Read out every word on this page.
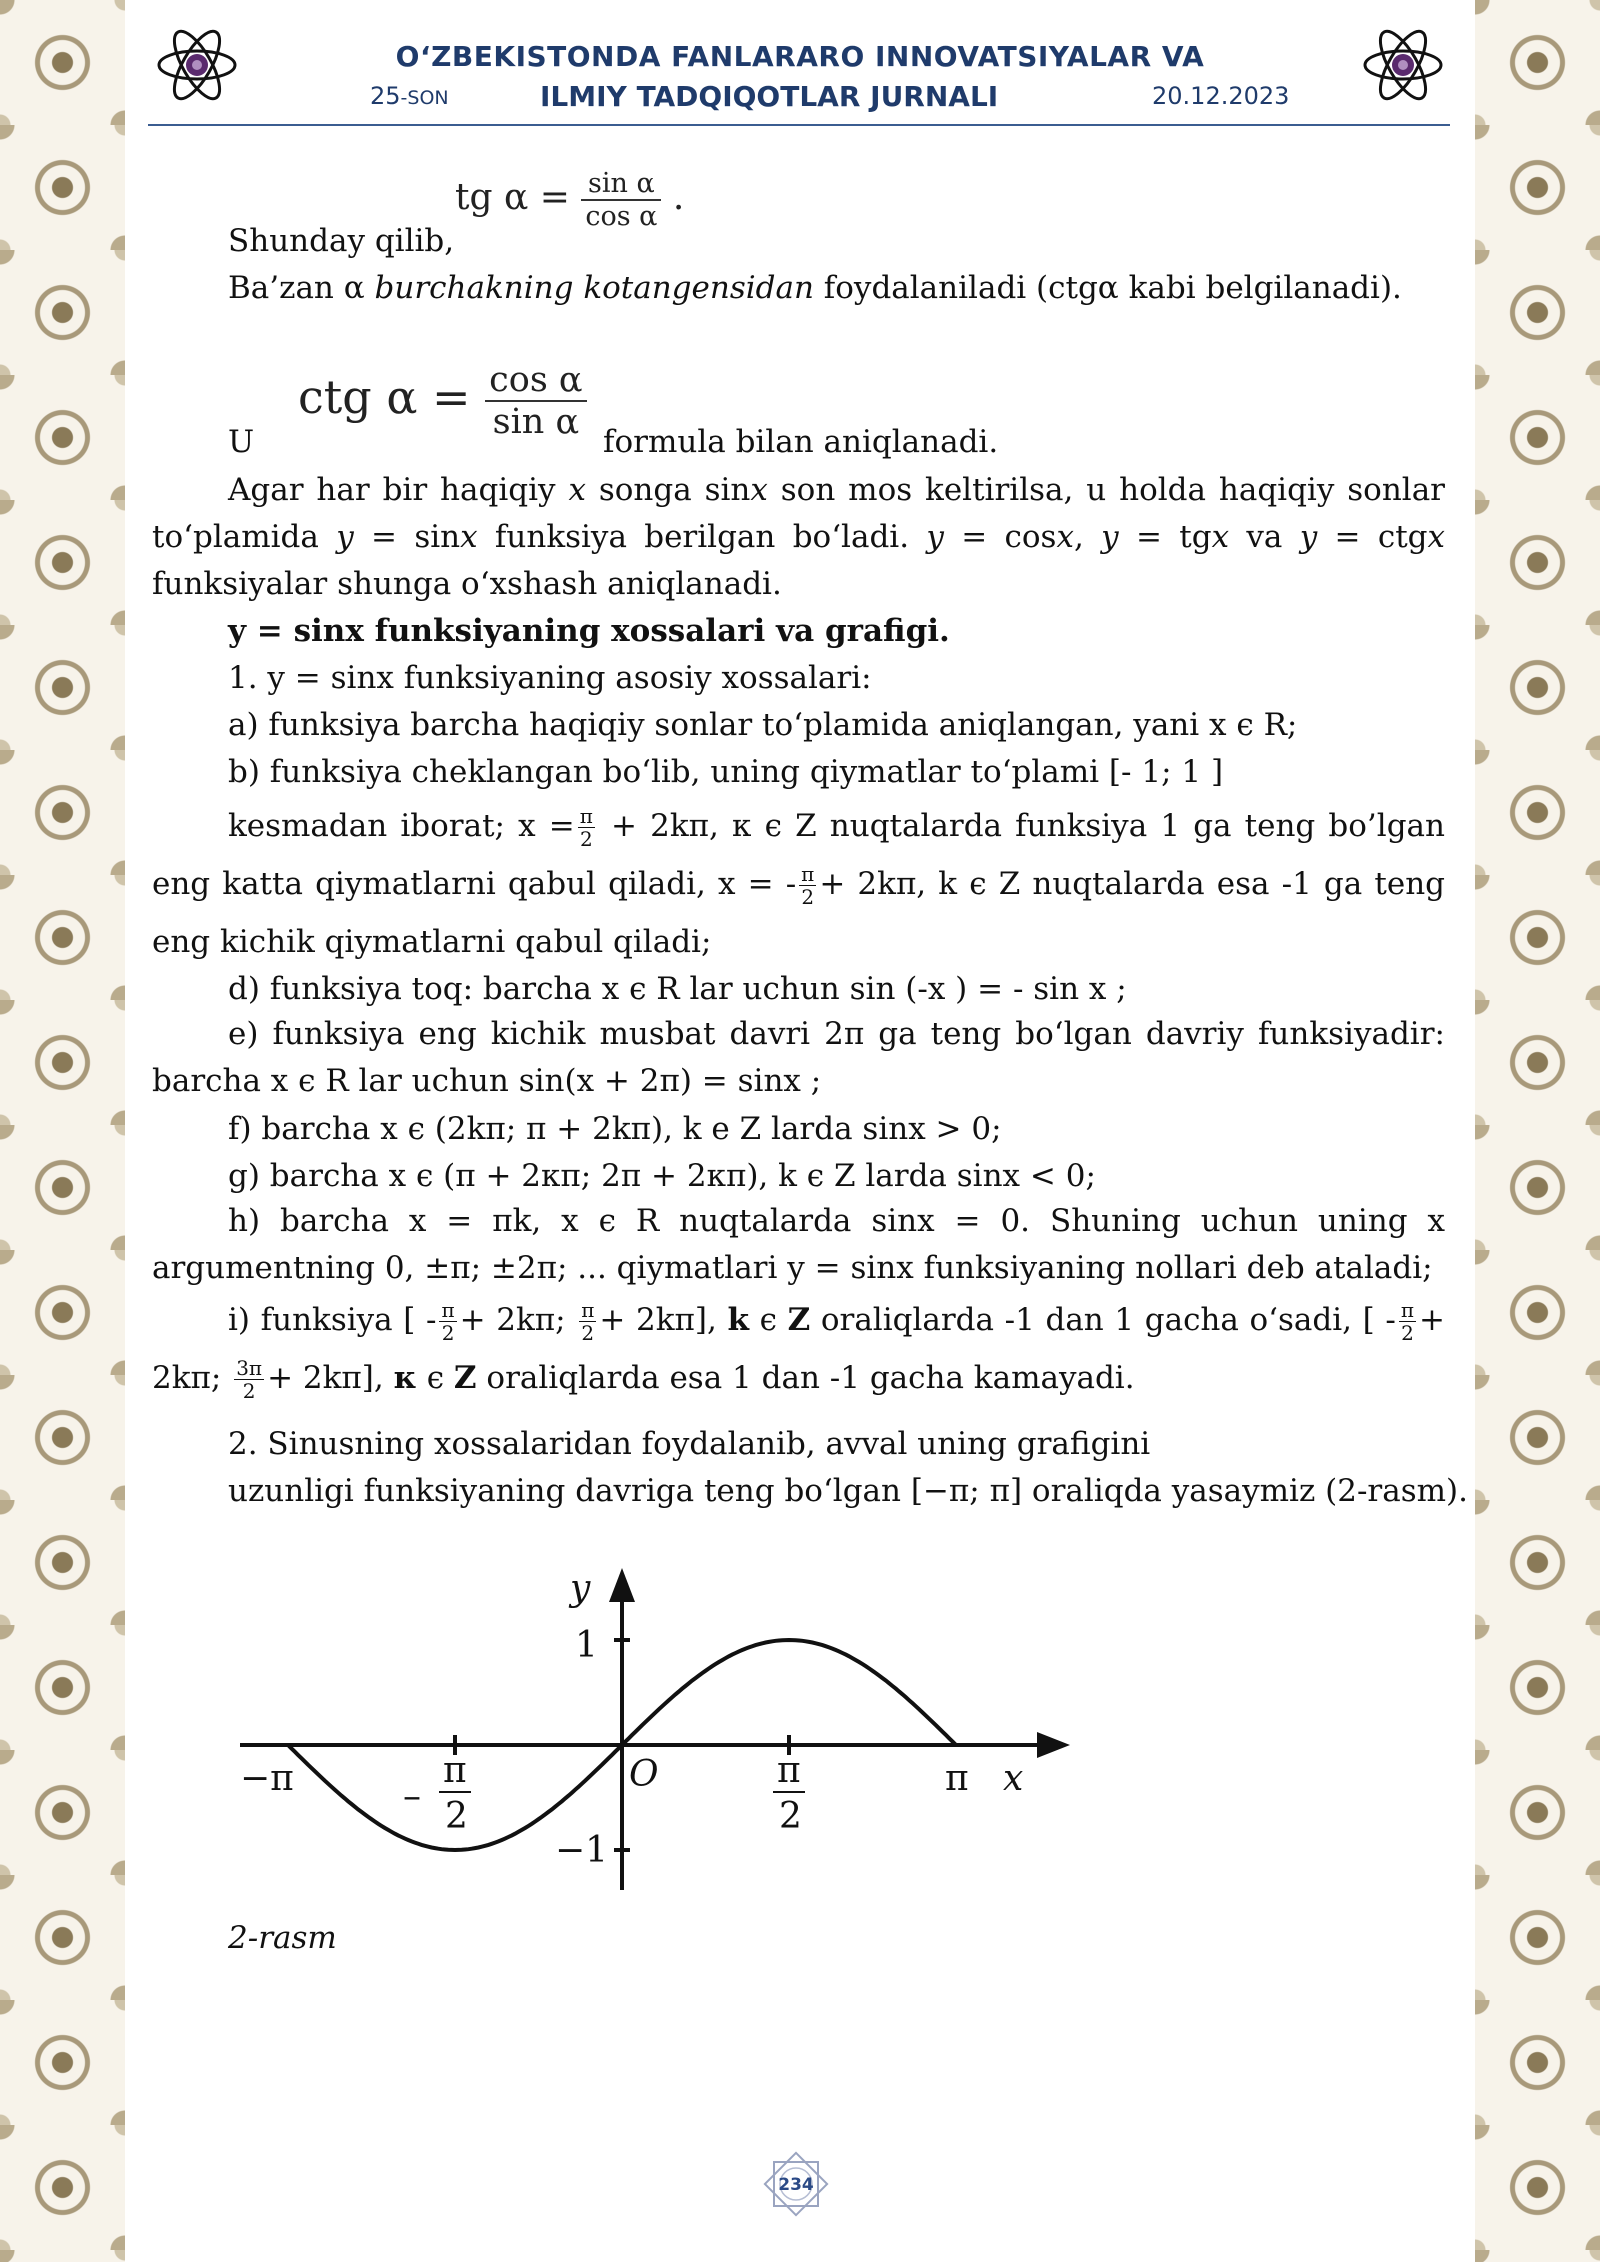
O‘ZBEKISTONDA FANLARARO INNOVATSIYALAR VA
25-SON	ILMIY TADQIQOTLAR JURNALI	20.12.2023
tg $\alpha = \frac{\text{sin α}}{\text{cos α}}$ .
Shunday qilib,
Ba’zan α burchakning kotangensidan foydalaniladi (ctgα kabi belgilanadi).
ctg $\alpha = \frac{\text{cos α}}{\text{sin α}}$
U	formula bilan aniqlanadi.
Agar har bir haqiqiy x songa sinx son mos keltirilsa, u holda haqiqiy sonlar to‘plamida y = sinx funksiya berilgan bo‘ladi. y = cosx, y = tgx va y = ctgx funksiyalar shunga o‘xshash aniqlanadi.
y = sinx funksiyaning xossalari va grafigi.
1. y = sinx funksiyaning asosiy xossalari:
a) funksiya barcha haqiqiy sonlar to‘plamida aniqlangan, yani x є R;
b) funksiya cheklangan bo‘lib, uning qiymatlar to‘plami [- 1; 1 ]
kesmadan iborat; $x = \frac{\pi}{2} + 2k\pi$, κ є Z nuqtalarda funksiya 1 ga teng bo’lgan eng katta qiymatlarni qabul qiladi, x = - $\frac{\pi}{2} + 2k\pi$, k є Z nuqtalarda esa -1 ga teng eng kichik qiymatlarni qabul qiladi;
d) funksiya toq: barcha x є R lar uchun sin (-x ) = - sin x ;
e) funksiya eng kichik musbat davri 2π ga teng bo‘lgan davriy funksiyadir: barcha x є R lar uchun sin(x + 2π) = sinx ;
f) barcha x є (2kπ; π + 2kπ), k e Z larda sinx > 0;
g) barcha x є (π + 2κπ; 2π + 2κπ), k є Z larda sinx < 0;
h) barcha x = πk, x є R nuqtalarda sinx = 0. Shuning uchun uning x argumentning 0, ±π; ±2π; ... qiymatlari y = sinx funksiyaning nollari deb ataladi;
i) funksiya [ - $\frac{\pi}{2} + 2k\pi$; $\frac{\pi}{2} + 2k\pi$], k є Z oraliqlarda -1 dan 1 gacha o‘sadi, [ - $\frac{\pi}{2} + 2k\pi$; $\frac{3\pi}{2} + 2k\pi$], κ є Z oraliqlarda esa 1 dan -1 gacha kamayadi.
2. Sinusning xossalaridan foydalanib, avval uning grafigini
uzunligi funksiyaning davriga teng bo‘lgan [−π; π] oraliqda yasaymiz (2-rasm).
y
1
−1
O
−π	–
π
2
π
2
π x
2-rasm
234
